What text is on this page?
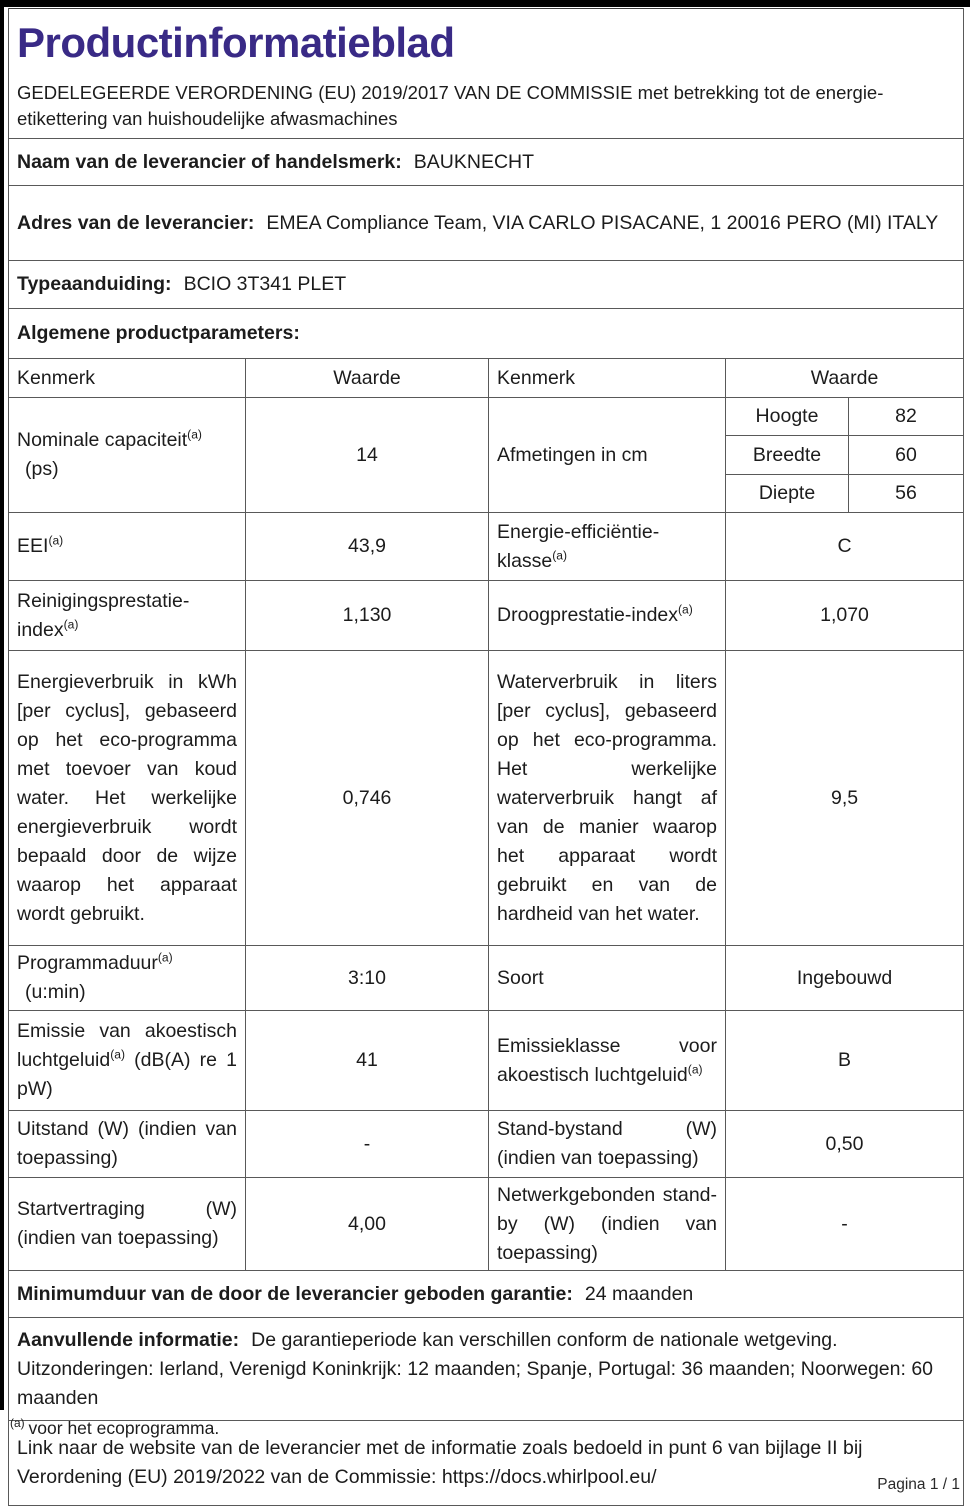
Productinformatieblad
GEDELEGEERDE VERORDENING (EU) 2019/2017 VAN DE COMMISSIE met betrekking tot de energie-etikettering van huishoudelijke afwasmachines				

Naam van de leverancier of handelsmerk: BAUKNECHT				
Adres van de leverancier: EMEA Compliance Team, VIA CARLO PISACANE, 1 20016 PERO (MI) ITALY				
Typeaanduiding: BCIO 3T341 PLET				
Algemene productparameters:				
Kenmerk	Waarde	Kenmerk	Waarde	
Nominale capaciteit$^{(a)}$
(ps)	14	Afmetingen in cm	Hoogte	82
			Breedte	60
			Diepte	56
EEI$^{(a)}$	43,9	Energie-efficiëntie-klasse$^{(a)}$	C	
Reinigingsprestatie-index$^{(a)}$	1,130	Droogprestatie-index$^{(a)}$	1,070	
Energieverbruik in kWh [per cyclus], gebaseerd op het eco-programma met toevoer van koud water. Het werkelijke energieverbruik wordt bepaald door de wijze waarop het apparaat wordt gebruikt.	0,746	Waterverbruik in liters [per cyclus], gebaseerd op het eco-programma. Het werkelijke waterverbruik hangt af van de manier waarop het apparaat wordt gebruikt en van de hardheid van het water.	9,5	
Programmaduur$^{(a)}$
(u:min)	3:10	Soort	Ingebouwd	
Emissie van akoestisch luchtgeluid$^{(a)}$ (dB(A) re 1 pW)	41	Emissieklasse voor akoestisch luchtgeluid$^{(a)}$	B	
Uitstand (W) (indien van toepassing)	-	Stand-bystand (W) (indien van toepassing)	0,50	
Startvertraging (W) (indien van toepassing)	4,00	Netwerkgebonden stand-by (W) (indien van toepassing)	-	
Minimumduur van de door de leverancier geboden garantie: 24 maanden				
Aanvullende informatie: De garantieperiode kan verschillen conform de nationale wetgeving. Uitzonderingen: Ierland, Verenigd Koninkrijk: 12 maanden; Spanje, Portugal: 36 maanden; Noorwegen: 60 maanden				
Link naar de website van de leverancier met de informatie zoals bedoeld in punt 6 van bijlage II bij Verordening (EU) 2019/2022 van de Commissie: https://docs.whirlpool.eu/				
$^{(a)}$ voor het ecoprogramma.
Pagina 1 / 1
